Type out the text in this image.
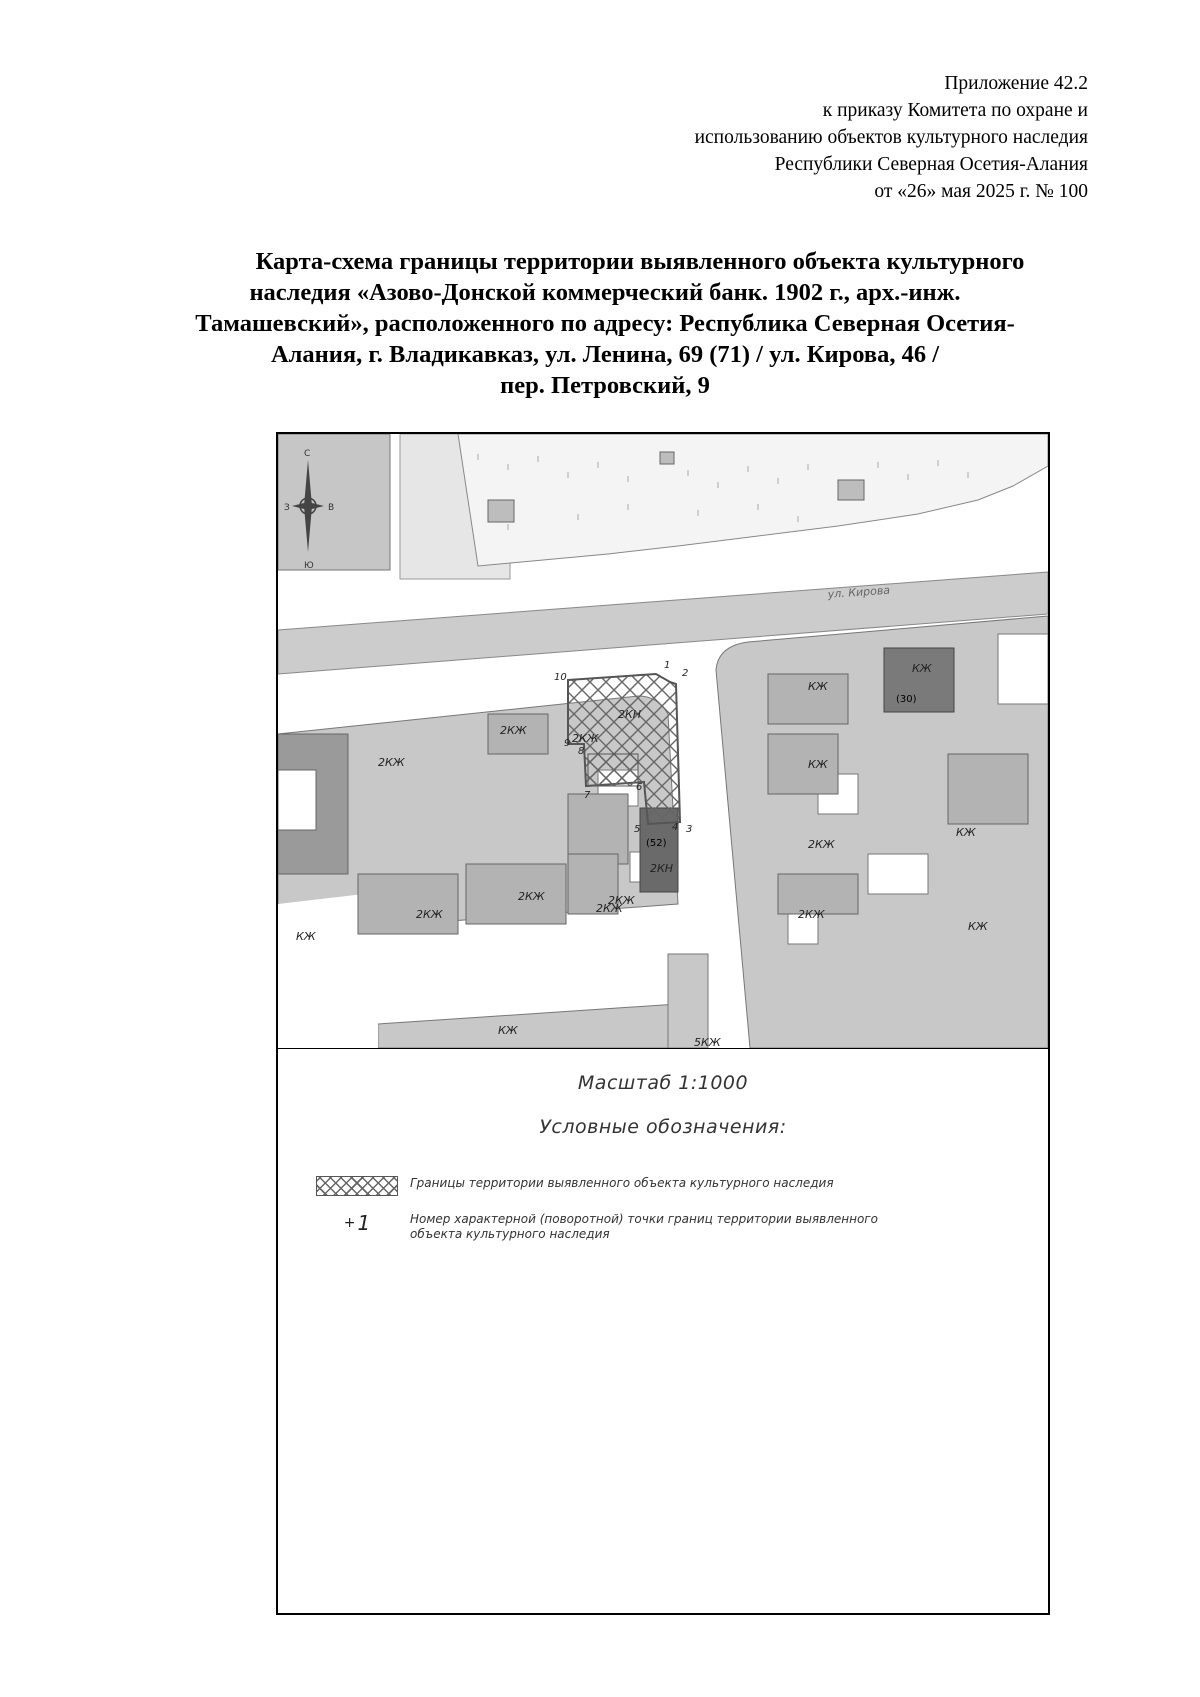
Приложение 42.2
к приказу Комитета по охране и
использованию объектов культурного наследия
Республики Северная Осетия-Алания
от «26» мая 2025 г. № 100
Карта-схема границы территории выявленного объекта культурного
наследия «Азово-Донской коммерческий банк. 1902 г., арх.-инж.
Тамашевский», расположенного по адресу: Республика Северная Осетия-
Алания, г. Владикавказ, ул. Ленина, 69 (71) / ул. Кирова, 46 /
пер. Петровский, 9
С
Ю
З	В
ул. Кирова
КЖ
КЖ
2КЖ
2КЖ
2КЖ
2КН
2КЖ
2КЖ	2КЖ
КЖ
КЖ
2КЖ
2КЖ
КЖ
КЖ
5КЖ
2КЖ
КЖ
2КН
(30)
(52)
1
2
3
4
5
6
7
8
9
10
Масштаб 1:1000
Условные обозначения:
Границы территории выявленного объекта культурного наследия
+ 1	Номер характерной (поворотной) точки границ территории выявленного объекта культурного наследия
